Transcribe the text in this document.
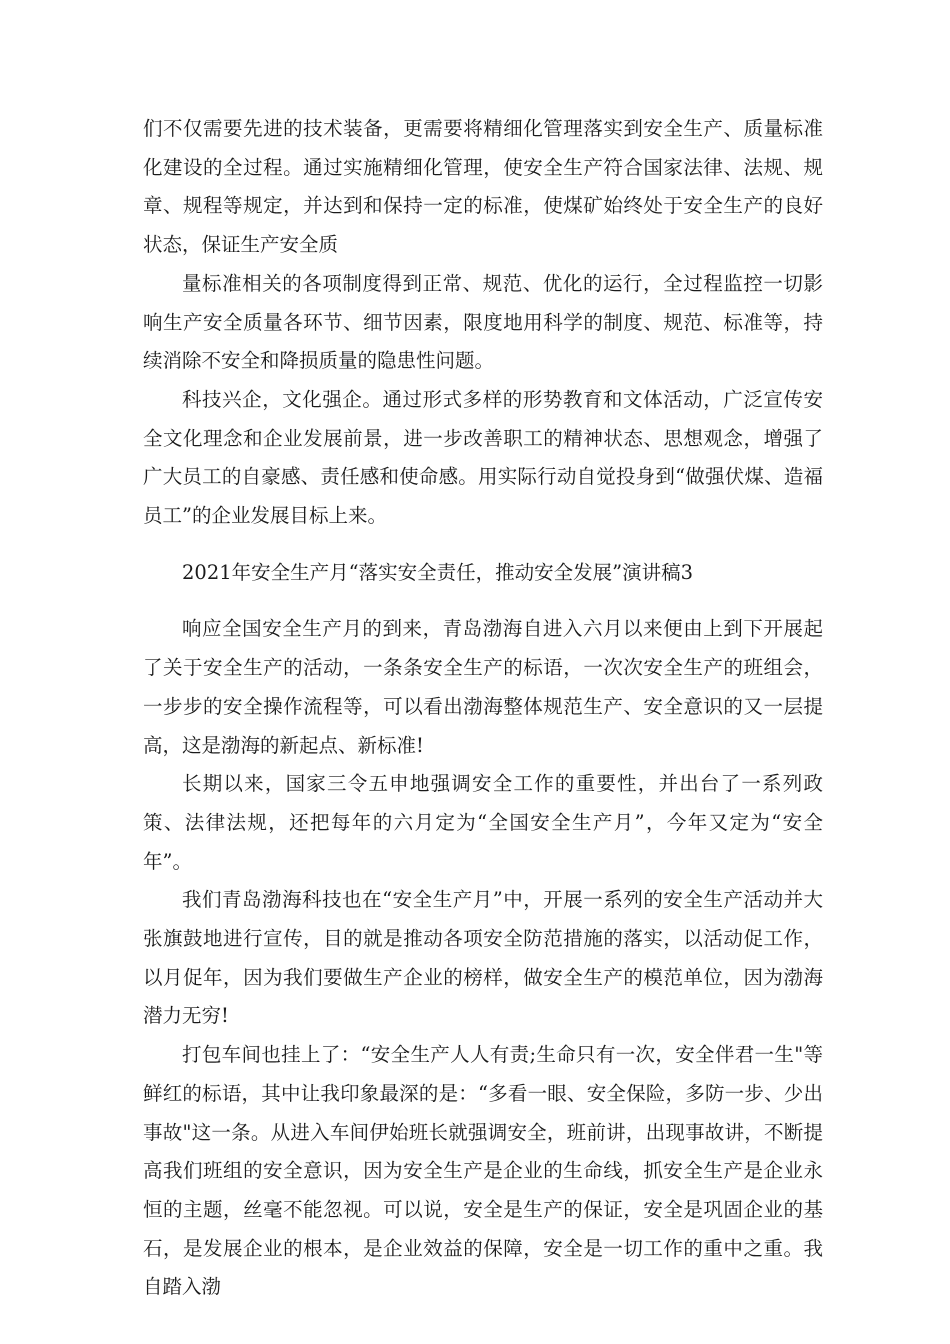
们不仅需要先进的技术装备，更需要将精细化管理落实到安全生产、质量标准化建设的全过程。通过实施精细化管理，使安全生产符合国家法律、法规、规章、规程等规定，并达到和保持一定的标准，使煤矿始终处于安全生产的良好状态，保证生产安全质

量标准相关的各项制度得到正常、规范、优化的运行，全过程监控一切影响生产安全质量各环节、细节因素，限度地用科学的制度、规范、标准等，持续消除不安全和降损质量的隐患性问题。

科技兴企，文化强企。通过形式多样的形势教育和文体活动，广泛宣传安全文化理念和企业发展前景，进一步改善职工的精神状态、思想观念，增强了广大员工的自豪感、责任感和使命感。用实际行动自觉投身到“做强伏煤、造福员工”的企业发展目标上来。

2021年安全生产月“落实安全责任，推动安全发展”演讲稿3

响应全国安全生产月的到来，青岛渤海自进入六月以来便由上到下开展起了关于安全生产的活动，一条条安全生产的标语，一次次安全生产的班组会，一步步的安全操作流程等，可以看出渤海整体规范生产、安全意识的又一层提高，这是渤海的新起点、新标准!

长期以来，国家三令五申地强调安全工作的重要性，并出台了一系列政策、法律法规，还把每年的六月定为“全国安全生产月”，今年又定为“安全年”。

我们青岛渤海科技也在“安全生产月”中，开展一系列的安全生产活动并大张旗鼓地进行宣传，目的就是推动各项安全防范措施的落实，以活动促工作，以月促年，因为我们要做生产企业的榜样，做安全生产的模范单位，因为渤海潜力无穷!

打包车间也挂上了：“安全生产人人有责;生命只有一次，安全伴君一生"等鲜红的标语，其中让我印象最深的是：“多看一眼、安全保险，多防一步、少出事故"这一条。从进入车间伊始班长就强调安全，班前讲，出现事故讲，不断提高我们班组的安全意识，因为安全生产是企业的生命线，抓安全生产是企业永恒的主题，丝毫不能忽视。可以说，安全是生产的保证，安全是巩固企业的基石，是发展企业的根本，是企业效益的保障，安全是一切工作的重中之重。我自踏入渤
